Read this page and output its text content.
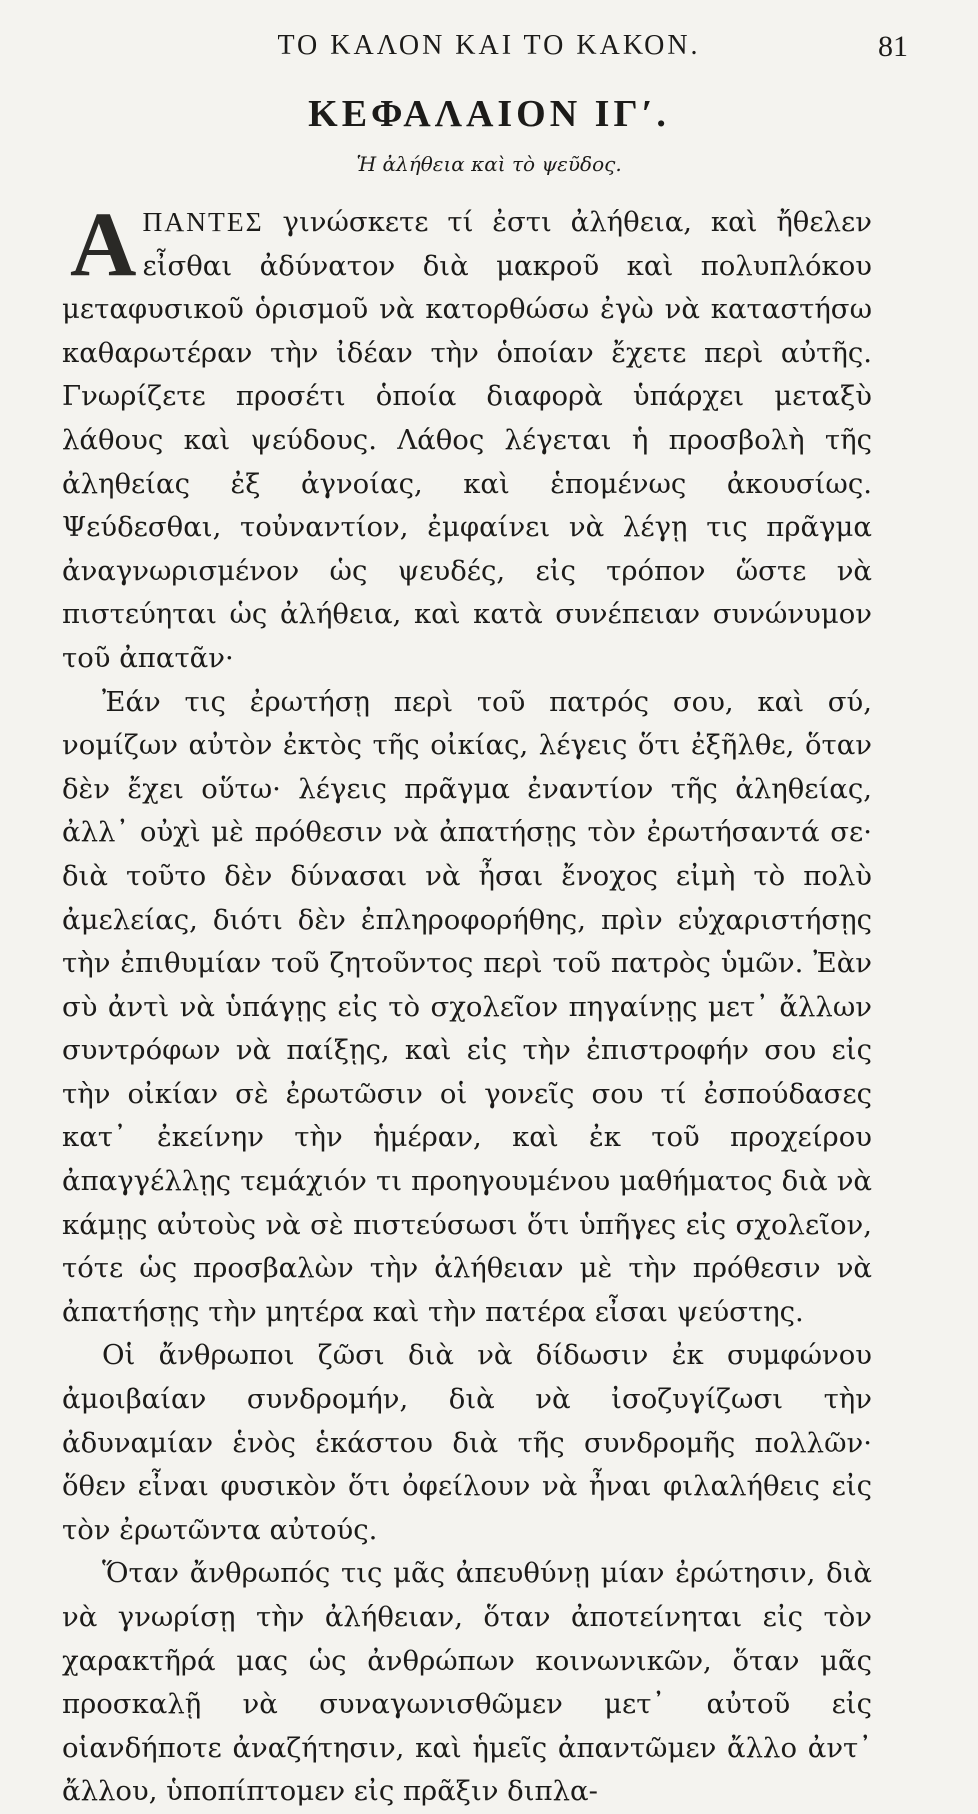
ΤΟ ΚΑΛΟΝ ΚΑΙ ΤΟ ΚΑΚΟΝ.	81
ΚΕΦΑΛΑΙΟΝ ΙΓʹ.
Ἡ ἀλήθεια καὶ τὸ ψεῦδος.

ΑΠΑΝΤΕΣ γινώσκετε τί ἐστι ἀλήθεια, καὶ ἤθελεν εἶσθαι ἀδύνατον διὰ μακροῦ καὶ πολυπλόκου μεταφυσικοῦ ὁρισμοῦ νὰ κατορθώσω ἐγὼ νὰ καταστήσω καθαρωτέραν τὴν ἰδέαν τὴν ὁποίαν ἔχετε περὶ αὐτῆς. Γνωρίζετε προσέτι ὁποία διαφορὰ ὑπάρχει μεταξὺ λάθους καὶ ψεύδους. Λάθος λέγεται ἡ προσβολὴ τῆς ἀληθείας ἐξ ἀγνοίας, καὶ ἑπομένως ἀκουσίως. Ψεύδεσθαι, τοὐναντίον, ἐμφαίνει νὰ λέγῃ τις πρᾶγμα ἀναγνωρισμένον ὡς ψευδές, εἰς τρόπον ὥστε νὰ πιστεύηται ὡς ἀλήθεια, καὶ κατὰ συνέπειαν συνώνυμον τοῦ ἀπατᾶν·

Ἐάν τις ἐρωτήσῃ περὶ τοῦ πατρός σου, καὶ σύ, νομίζων αὐτὸν ἐκτὸς τῆς οἰκίας, λέγεις ὅτι ἐξῆλθε, ὅταν δὲν ἔχει οὕτω· λέγεις πρᾶγμα ἐναντίον τῆς ἀληθείας, ἀλλ᾽ οὐχὶ μὲ πρόθεσιν νὰ ἀπατήσῃς τὸν ἐρωτήσαντά σε· διὰ τοῦτο δὲν δύνασαι νὰ ἦσαι ἔνοχος εἰμὴ τὸ πολὺ ἀμελείας, διότι δὲν ἐπληροφορήθης, πρὶν εὐχαριστήσῃς τὴν ἐπιθυμίαν τοῦ ζητοῦντος περὶ τοῦ πατρὸς ὑμῶν. Ἐὰν σὺ ἀντὶ νὰ ὑπάγῃς εἰς τὸ σχολεῖον πηγαίνῃς μετ᾽ ἄλλων συντρόφων νὰ παίξῃς, καὶ εἰς τὴν ἐπιστροφήν σου εἰς τὴν οἰκίαν σὲ ἐρωτῶσιν οἱ γονεῖς σου τί ἐσπούδασες κατ᾽ ἐκείνην τὴν ἡμέραν, καὶ ἐκ τοῦ προχείρου ἀπαγγέλλῃς τεμάχιόν τι προηγουμένου μαθήματος διὰ νὰ κάμῃς αὐτοὺς νὰ σὲ πιστεύσωσι ὅτι ὑπῆγες εἰς σχολεῖον, τότε ὡς προσβαλὼν τὴν ἀλήθειαν μὲ τὴν πρόθεσιν νὰ ἀπατήσῃς τὴν μητέρα καὶ τὴν πατέρα εἶσαι ψεύστης.

Οἱ ἄνθρωποι ζῶσι διὰ νὰ δίδωσιν ἐκ συμφώνου ἀμοιβαίαν συνδρομήν, διὰ νὰ ἰσοζυγίζωσι τὴν ἀδυναμίαν ἑνὸς ἑκάστου διὰ τῆς συνδρομῆς πολλῶν· ὅθεν εἶναι φυσικὸν ὅτι ὀφείλουν νὰ ἦναι φιλαλήθεις εἰς τὸν ἐρωτῶντα αὐτούς.

Ὅταν ἄνθρωπός τις μᾶς ἀπευθύνῃ μίαν ἐρώτησιν, διὰ νὰ γνωρίσῃ τὴν ἀλήθειαν, ὅταν ἀποτείνηται εἰς τὸν χαρακτῆρά μας ὡς ἀνθρώπων κοινωνικῶν, ὅταν μᾶς προσκαλῇ νὰ συναγωνισθῶμεν μετ᾽ αὐτοῦ εἰς οἱανδήποτε ἀναζήτησιν, καὶ ἡμεῖς ἀπαντῶμεν ἄλλο ἀντ᾽ ἄλλου, ὑποπίπτομεν εἰς πρᾶξιν διπλα-
